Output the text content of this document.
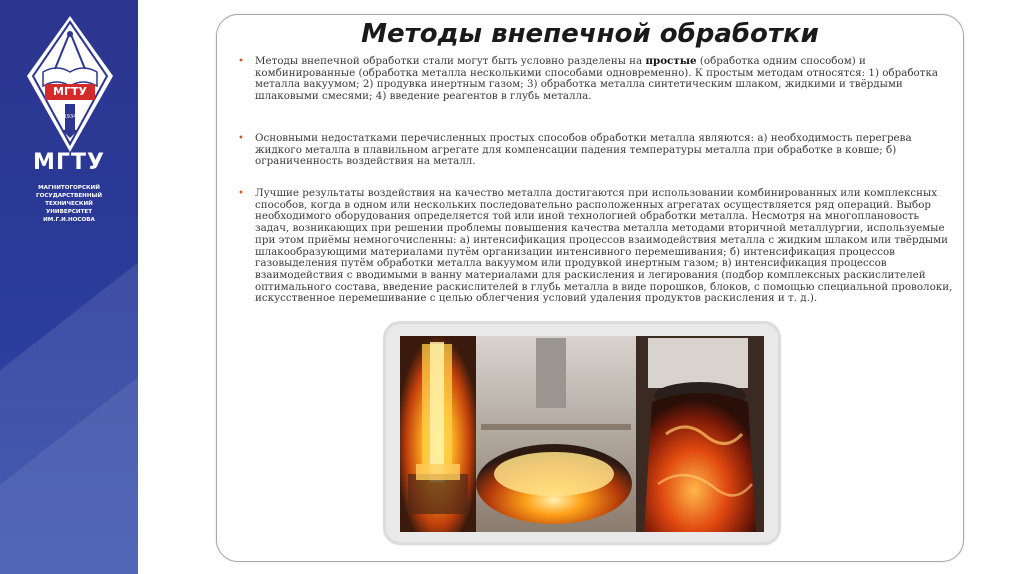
МГТУ
1934
МГТУ
МАГНИТОГОРСКИЙ
ГОСУДАРСТВЕННЫЙ
ТЕХНИЧЕСКИЙ
УНИВЕРСИТЕТ
ИМ.Г.И.НОСОВА
Методы внепечной обработки

• Методы внепечной обработки стали могут быть условно разделены на простые (обработка одним способом) и комбинированные (обработка металла несколькими способами одновременно). К простым методам относятся: 1) обработка металла вакуумом; 2) продувка инертным газом; 3) обработка металла синтетическим шлаком, жидкими и твёрдыми шлаковыми смесями; 4) введение реагентов в глубь металла.

• Основными недостатками перечисленных простых способов обработки металла являются: а) необходимость перегрева жидкого металла в плавильном агрегате для компенсации падения температуры металла при обработке в ковше; б) ограниченность воздействия на металл.

• Лучшие результаты воздействия на качество металла достигаются при использовании комбинированных или комплексных способов, когда в одном или нескольких последовательно расположенных агрегатах осуществляется ряд операций. Выбор необходимого оборудования определяется той или иной технологией обработки металла. Несмотря на многоплановость задач, возникающих при решении проблемы повышения качества металла методами вторичной металлургии, используемые при этом приёмы немногочисленны: а) интенсификация процессов взаимодействия металла с жидким шлаком или твёрдыми шлакообразующими материалами путём организации интенсивного перемешивания; б) интенсификация процессов газовыделения путём обработки металла вакуумом или продувкой инертным газом; в) интенсификация процессов взаимодействия с вводимыми в ванну материалами для раскисления и легирования (подбор комплексных раскислителей оптимального состава, введение раскислителей в глубь металла в виде порошков, блоков, с помощью специальной проволоки, искусственное перемешивание с целью облегчения условий удаления продуктов раскисления и т. д.).
